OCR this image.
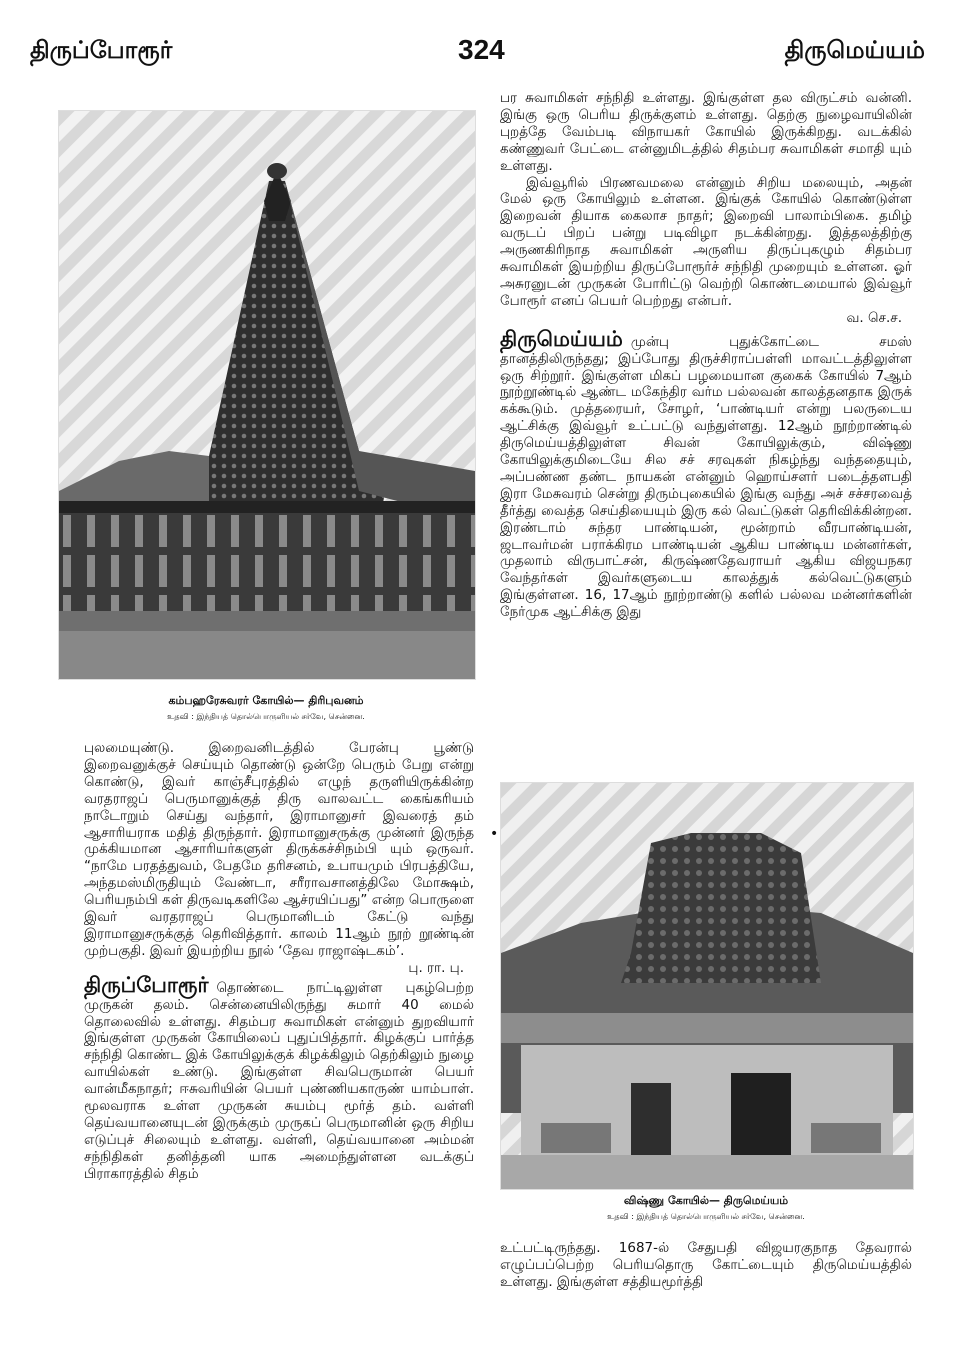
திருப்போரூர்	324	திருமெய்யம்
கம்பஹரேசுவரர் கோயில்— திரிபுவனம்
உதவி : இந்தியத் தொல்பொருளியல் சர்வே, சென்னை.

புலமையுண்டு. இறைவனிடத்தில் பேரன்பு பூண்டு இறைவனுக்குச் செய்யும் தொண்டு ஒன்றே பெரும் பேறு என்று கொண்டு, இவர் காஞ்சீபுரத்தில் எழுந் தருளியிருக்கின்ற வரதராஜப் பெருமானுக்குத் திரு வாலவட்ட கைங்கரியம் நாடோறும் செய்து வந்தார், இராமானுசர் இவரைத் தம் ஆசாரியராக மதித் திருந்தார். இராமானுசருக்கு முன்னர் இருந்த முக்கியமான ஆசாரியர்களுள் திருக்கச்சிநம்பி யும் ஒருவர். “நாமே பரதத்துவம், பேதமே தரிசனம், உபாயமும் பிரபத்தியே, அந்தமஸ்மிருதியும் வேண்டா, சரீராவசானத்திலே மோக்ஷம், பெரியநம்பி கள் திருவடிகளிலே ஆச்ரயிப்பது” என்ற பொருளை இவர் வரதராஜப் பெருமானிடம் கேட்டு வந்து இராமானுசருக்குத் தெரிவித்தார். காலம் 11ஆம் நூற் றூண்டின் முற்பகுதி. இவர் இயற்றிய நூல் ‘தேவ ராஜாஷ்டகம்’.

பு. ரா. பு.

திருப்போரூர் தொண்டை நாட்டிலுள்ள புகழ்பெற்ற முருகன் தலம். சென்னையிலிருந்து சுமார் 40 மைல் தொலைவில் உள்ளது. சிதம்பர சுவாமிகள் என்னும் துறவியார் இங்குள்ள முருகன் கோயிலைப் புதுப்பித்தார். கிழக்குப் பார்த்த சந்நிதி கொண்ட இக் கோயிலுக்குக் கிழக்கிலும் தெற்கிலும் நுழை வாயில்கள் உண்டு. இங்குள்ள சிவபெருமான் பெயர் வான்மீகநாதர்; ஈசுவரியின் பெயர் புண்ணியகாருண் யாம்பாள். மூலவராக உள்ள முருகன் சுயம்பு மூர்த் தம். வள்ளி தெய்வயானையுடன் இருக்கும் முருகப் பெருமானின் ஒரு சிறிய எடுப்புச் சிலையும் உள்ளது. வள்ளி, தெய்வயானை அம்மன் சந்நிதிகள் தனித்தனி யாக அமைந்துள்ளன வடக்குப் பிராகாரத்தில் சிதம்

•

பர சுவாமிகள் சந்நிதி உள்ளது. இங்குள்ள தல விருட்சம் வன்னி. இங்கு ஒரு பெரிய திருக்குளம் உள்ளது. தெற்கு நுழைவாயிலின் புறத்தே வேம்படி விநாயகர் கோயில் இருக்கிறது. வடக்கில் கண்ணுவர் பேட்டை என்னுமிடத்தில் சிதம்பர சுவாமிகள் சமாதி யும் உள்ளது.

இவ்வூரில் பிரணவமலை என்னும் சிறிய மலையும், அதன் மேல் ஒரு கோயிலும் உள்ளன. இங்குக் கோயில் கொண்டுள்ள இறைவன் தியாக கைலாச நாதர்; இறைவி பாலாம்பிகை. தமிழ் வருடப் பிறப் பன்று படிவிழா நடக்கின்றது. இத்தலத்திற்கு அருணகிரிநாத சுவாமிகள் அருளிய திருப்புகழும் சிதம்பர சுவாமிகள் இயற்றிய திருப்போரூர்ச் சந்நிதி முறையும் உள்ளன. ஓர் அசுரனுடன் முருகன் போரிட்டு வெற்றி கொண்டமையால் இவ்வூர் போரூர் எனப் பெயர் பெற்றது என்பர்.

வ. செ.ச.

திருமெய்யம் முன்பு புதுக்கோட்டை சமஸ் தானத்திலிருந்தது; இப்போது திருச்சிராப்பள்ளி மாவட்டத்திலுள்ள ஒரு சிற்றூர். இங்குள்ள மிகப் பழமையான குகைக் கோயில் 7ஆம் நூற்றூண்டில் ஆண்ட மகேந்திர வர்ம பல்லவன் காலத்தனதாக இருக் கக்கூடும். முத்தரையர், சோழர், ‘பாண்டியர் என்று பலருடைய ஆட்சிக்கு இவ்வூர் உட்பட்டு வந்துள்ளது. 12ஆம் நூற்றாண்டில் திருமெய்யத்திலுள்ள சிவன் கோயிலுக்கும், விஷ்ணு கோயிலுக்குமிடையே சில சச் சரவுகள் நிகழ்ந்து வந்ததையும், அப்பண்ண தண்ட நாயகன் என்னும் ஹொய்சளர் படைத்தளபதி இரா மேசுவரம் சென்று திரும்புகையில் இங்கு வந்து அச் சச்சரவைத் தீர்த்து வைத்த செய்தியையும் இரு கல் வெட்டுகள் தெரிவிக்கின்றன. இரண்டாம் சுந்தர பாண்டியன், மூன்றாம் வீரபாண்டியன், ஜடாவர்மன் பராக்கிரம பாண்டியன் ஆகிய பாண்டிய மன்னர்கள், முதலாம் விருபாட்சன், கிருஷ்ணதேவராயர் ஆகிய விஜயநகர வேந்தர்கள் இவர்களுடைய காலத்துக் கல்வெட்டுகளும் இங்குள்ளன. 16, 17ஆம் நூற்றாண்டு களில் பல்லவ மன்னர்களின் நேர்முக ஆட்சிக்கு இது

விஷ்ணு கோயில்— திருமெய்யம்
உதவி : இந்தியத் தொல்பொருளியல் சர்வே, சென்னை.

உட்பட்டிருந்தது. 1687-ல் சேதுபதி விஜயரகுநாத தேவரால் எழுப்பப்பெற்ற பெரியதொரு கோட்டையும் திருமெய்யத்தில் உள்ளது. இங்குள்ள சத்தியமூர்த்தி
